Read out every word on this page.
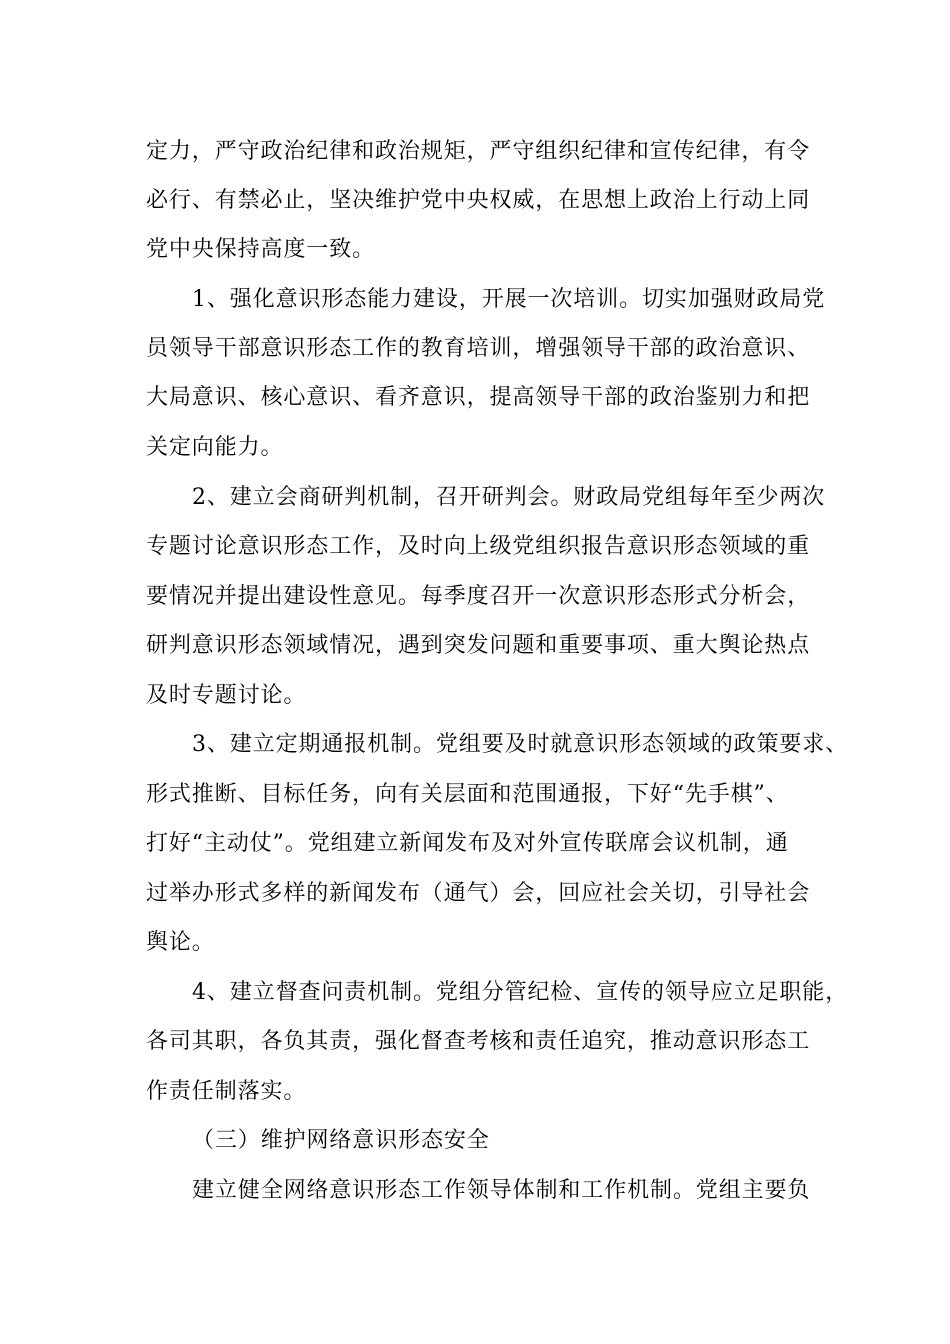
定力，严守政治纪律和政治规矩，严守组织纪律和宣传纪律，有令
必行、有禁必止，坚决维护党中央权威，在思想上政治上行动上同
党中央保持高度一致。
1、强化意识形态能力建设，开展一次培训。切实加强财政局党
员领导干部意识形态工作的教育培训，增强领导干部的政治意识、
大局意识、核心意识、看齐意识，提高领导干部的政治鉴别力和把
关定向能力。
2、建立会商研判机制，召开研判会。财政局党组每年至少两次
专题讨论意识形态工作，及时向上级党组织报告意识形态领域的重
要情况并提出建设性意见。每季度召开一次意识形态形式分析会，
研判意识形态领域情况，遇到突发问题和重要事项、重大舆论热点
及时专题讨论。
3、建立定期通报机制。党组要及时就意识形态领域的政策要求、
形式推断、目标任务，向有关层面和范围通报，下好“先手棋”、
打好“主动仗”。党组建立新闻发布及对外宣传联席会议机制，通
过举办形式多样的新闻发布（通气）会，回应社会关切，引导社会
舆论。
4、建立督查问责机制。党组分管纪检、宣传的领导应立足职能，
各司其职，各负其责，强化督查考核和责任追究，推动意识形态工
作责任制落实。
（三）维护网络意识形态安全
建立健全网络意识形态工作领导体制和工作机制。党组主要负
